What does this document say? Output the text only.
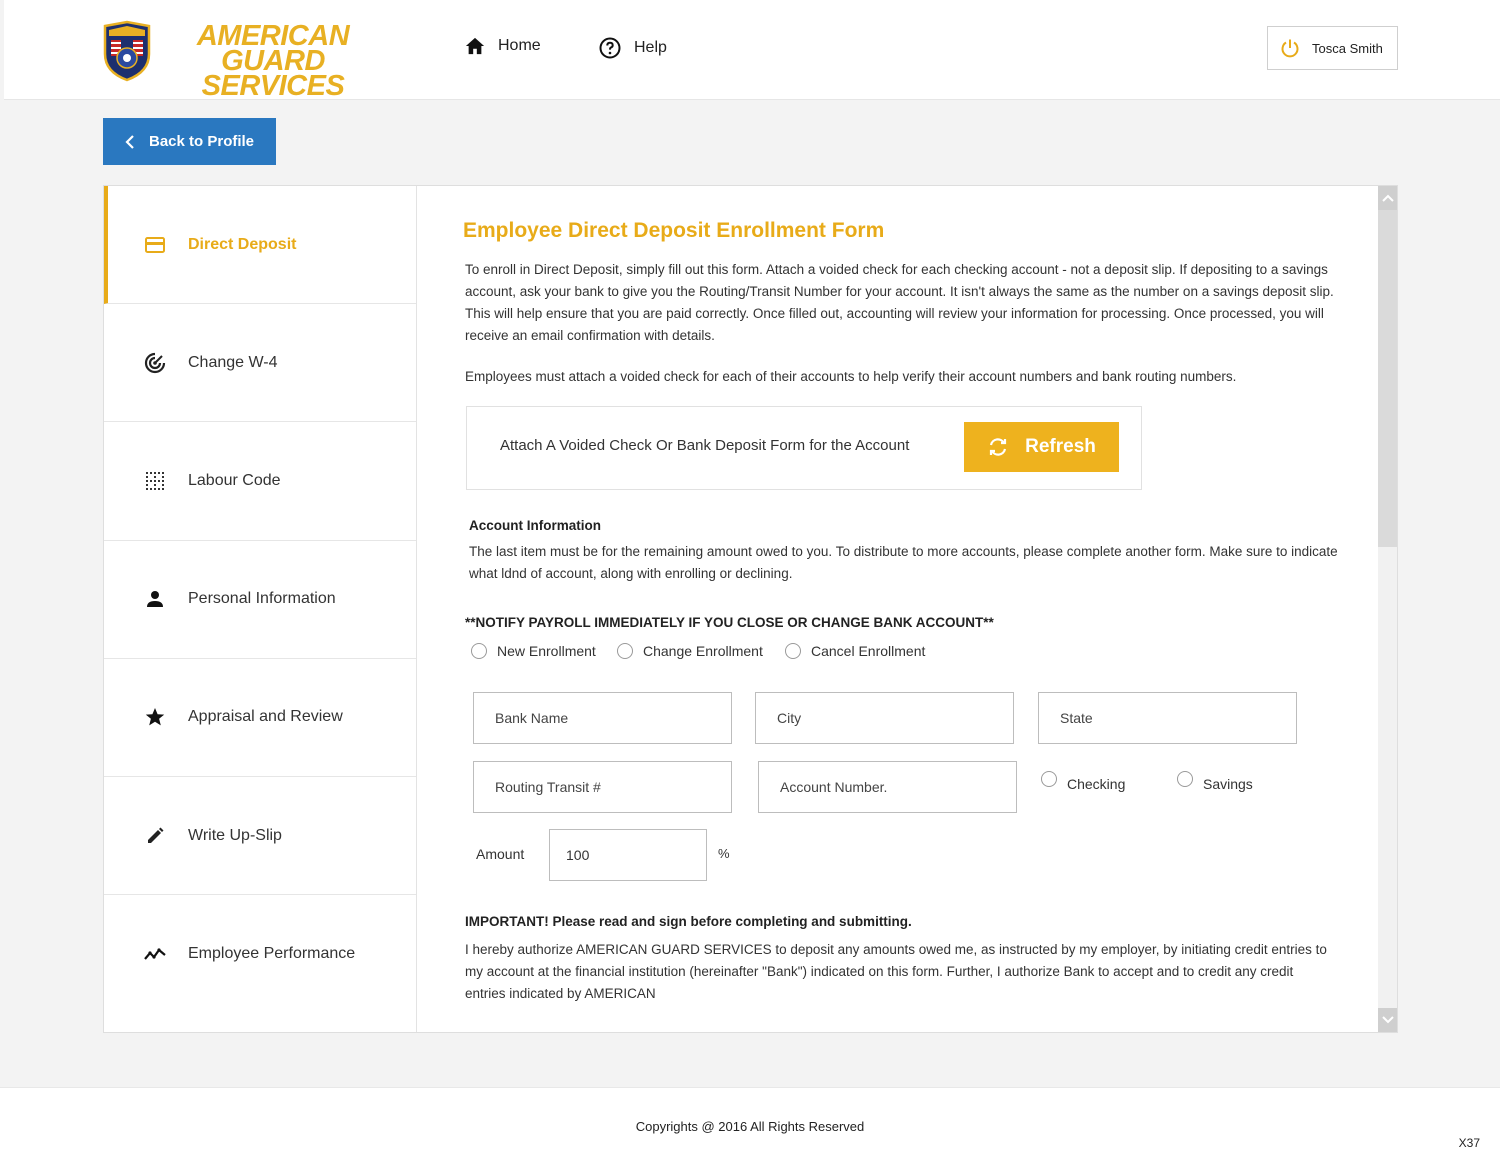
AMERICAN
GUARD SERVICES
Home	Help	Tosca Smith
Back to Profile
Direct Deposit
Change W-4
Labour Code
Personal Information
Appraisal and Review
Write Up-Slip
Employee Performance
Employee Direct Deposit Enrollment Form
To enroll in Direct Deposit, simply fill out this form. Attach a voided check for each checking account - not a deposit slip. If depositing to a savings account, ask your bank to give you the Routing/Transit Number for your account. It isn't always the same as the number on a savings deposit slip. This will help ensure that you are paid correctly. Once filled out, accounting will review your information for processing. Once processed, you will receive an email confirmation with details.
Employees must attach a voided check for each of their accounts to help verify their account numbers and bank routing numbers.
Attach A Voided Check Or Bank Deposit Form for the Account	Refresh
Account Information
The last item must be for the remaining amount owed to you. To distribute to more accounts, please complete another form. Make sure to indicate what ldnd of account, along with enrolling or declining.
**NOTIFY PAYROLL IMMEDIATELY IF YOU CLOSE OR CHANGE BANK ACCOUNT**
New Enrollment	Change Enrollment	Cancel Enrollment
Bank Name	City	State
Routing Transit #	Account Number.	Checking	Savings
Amount	100	%
IMPORTANT! Please read and sign before completing and submitting.
I hereby authorize AMERICAN GUARD SERVICES to deposit any amounts owed me, as instructed by my employer, by initiating credit entries to my account at the financial institution (hereinafter "Bank") indicated on this form. Further, I authorize Bank to accept and to credit any credit entries indicated by AMERICAN
Copyrights @ 2016 All Rights Reserved
X37
